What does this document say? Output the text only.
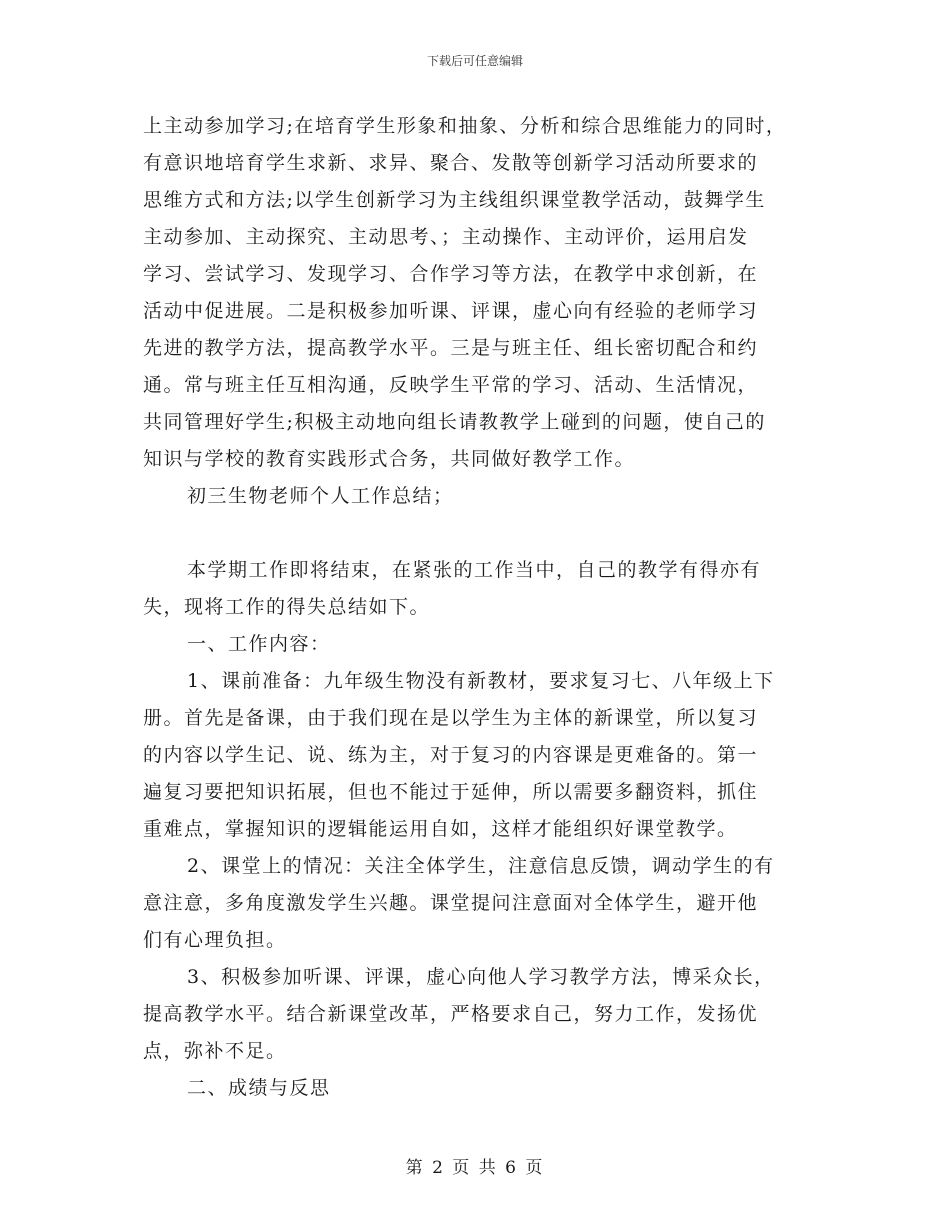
下载后可任意编辑
上主动参加学习;在培育学生形象和抽象、分析和综合思维能力的同时，
有意识地培育学生求新、求异、聚合、发散等创新学习活动所要求的
思维方式和方法;以学生创新学习为主线组织课堂教学活动，鼓舞学生
主动参加、主动探究、主动思考、；主动操作、主动评价，运用启发
学习、尝试学习、发现学习、合作学习等方法，在教学中求创新，在
活动中促进展。二是积极参加听课、评课，虚心向有经验的老师学习
先进的教学方法，提高教学水平。三是与班主任、组长密切配合和约
通。常与班主任互相沟通，反映学生平常的学习、活动、生活情况，
共同管理好学生;积极主动地向组长请教教学上碰到的问题，使自己的
知识与学校的教育实践形式合务，共同做好教学工作。
初三生物老师个人工作总结；
本学期工作即将结束，在紧张的工作当中，自己的教学有得亦有
失，现将工作的得失总结如下。
一、工作内容：
1、课前准备：九年级生物没有新教材，要求复习七、八年级上下
册。首先是备课，由于我们现在是以学生为主体的新课堂，所以复习
的内容以学生记、说、练为主，对于复习的内容课是更难备的。第一
遍复习要把知识拓展，但也不能过于延伸，所以需要多翻资料，抓住
重难点，掌握知识的逻辑能运用自如，这样才能组织好课堂教学。
2、课堂上的情况：关注全体学生，注意信息反馈，调动学生的有
意注意，多角度激发学生兴趣。课堂提问注意面对全体学生，避开他
们有心理负担。
3、积极参加听课、评课，虚心向他人学习教学方法，博采众长，
提高教学水平。结合新课堂改革，严格要求自己，努力工作，发扬优
点，弥补不足。
二、成绩与反思
第 2 页 共 6 页
